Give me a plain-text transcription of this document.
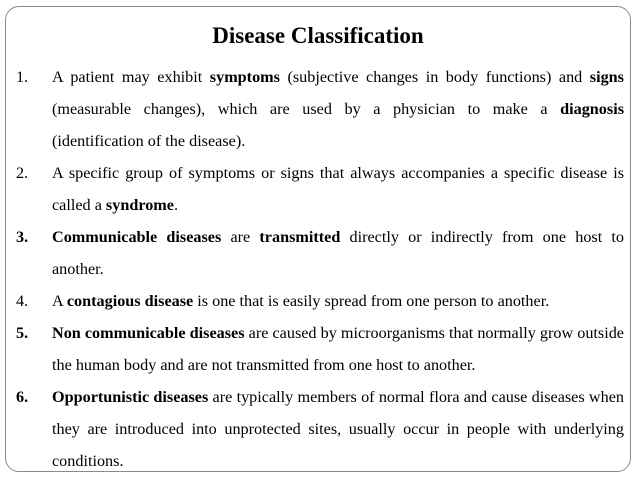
Disease Classification
1.	A patient may exhibit symptoms (subjective changes in body functions) and signs (measurable changes), which are used by a physician to make a diagnosis (identification of the disease).
2.	A specific group of symptoms or signs that always accompanies a specific disease is called a syndrome.
3.	Communicable diseases are transmitted directly or indirectly from one host to another.
4.	A contagious disease is one that is easily spread from one person to another.
5.	Non communicable diseases are caused by microorganisms that normally grow outside the human body and are not transmitted from one host to another.
6.	Opportunistic diseases are typically members of normal flora and cause diseases when they are introduced into unprotected sites, usually occur in people with underlying conditions.
